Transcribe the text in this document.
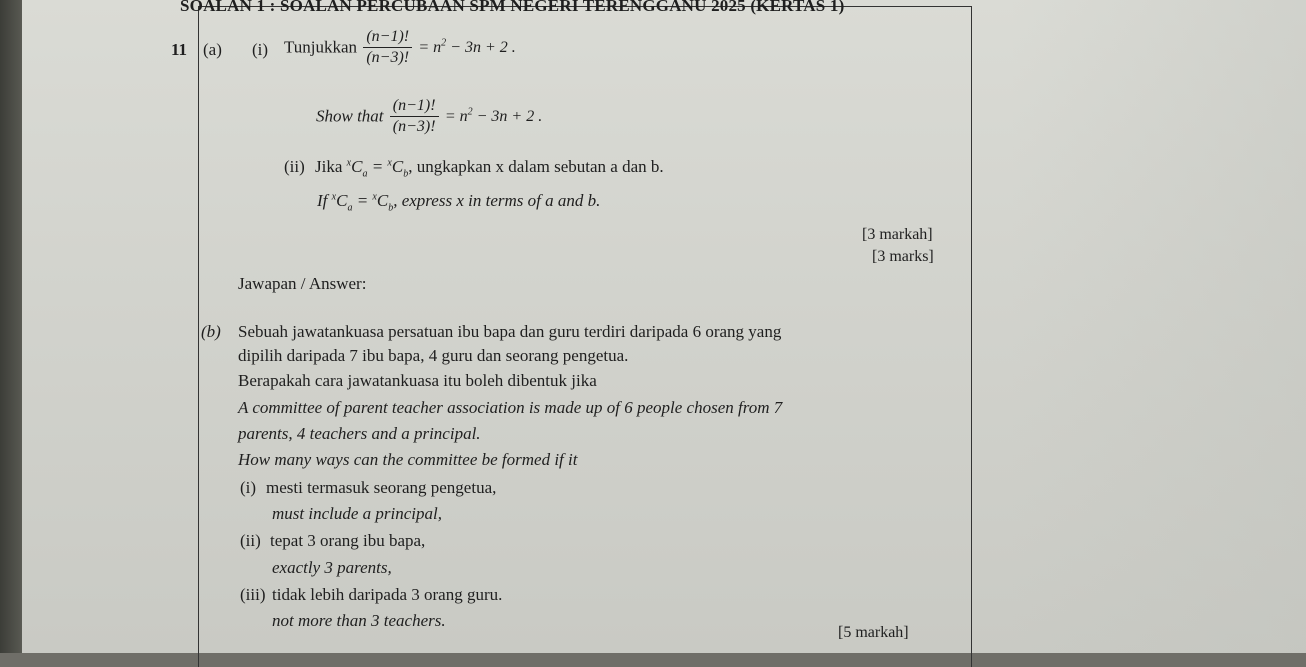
SOALAN 1 : SOALAN PERCUBAAN SPM NEGERI TERENGGANU 2025 (KERTAS 1)
11 (a) (i) Tunjukkan $\frac{(n-1)!}{(n-3)!} = n^2 - 3n + 2$ .
Show that $\frac{(n-1)!}{(n-3)!} = n^2 - 3n + 2$ .
(ii) Jika $^xC_a = ^xC_b$, ungkapkan x dalam sebutan a dan b.
If $^xC_a = ^xC_b$, express x in terms of a and b.
[3 markah]
[3 marks]
Jawapan / Answer:
(b) Sebuah jawatankuasa persatuan ibu bapa dan guru terdiri daripada 6 orang yang
dipilih daripada 7 ibu bapa, 4 guru dan seorang pengetua.
Berapakah cara jawatankuasa itu boleh dibentuk jika
A committee of parent teacher association is made up of 6 people chosen from 7
parents, 4 teachers and a principal.
How many ways can the committee be formed if it
(i) mesti termasuk seorang pengetua,
must include a principal,
(ii) tepat 3 orang ibu bapa,
exactly 3 parents,
(iii) tidak lebih daripada 3 orang guru.
not more than 3 teachers.
[5 markah]
